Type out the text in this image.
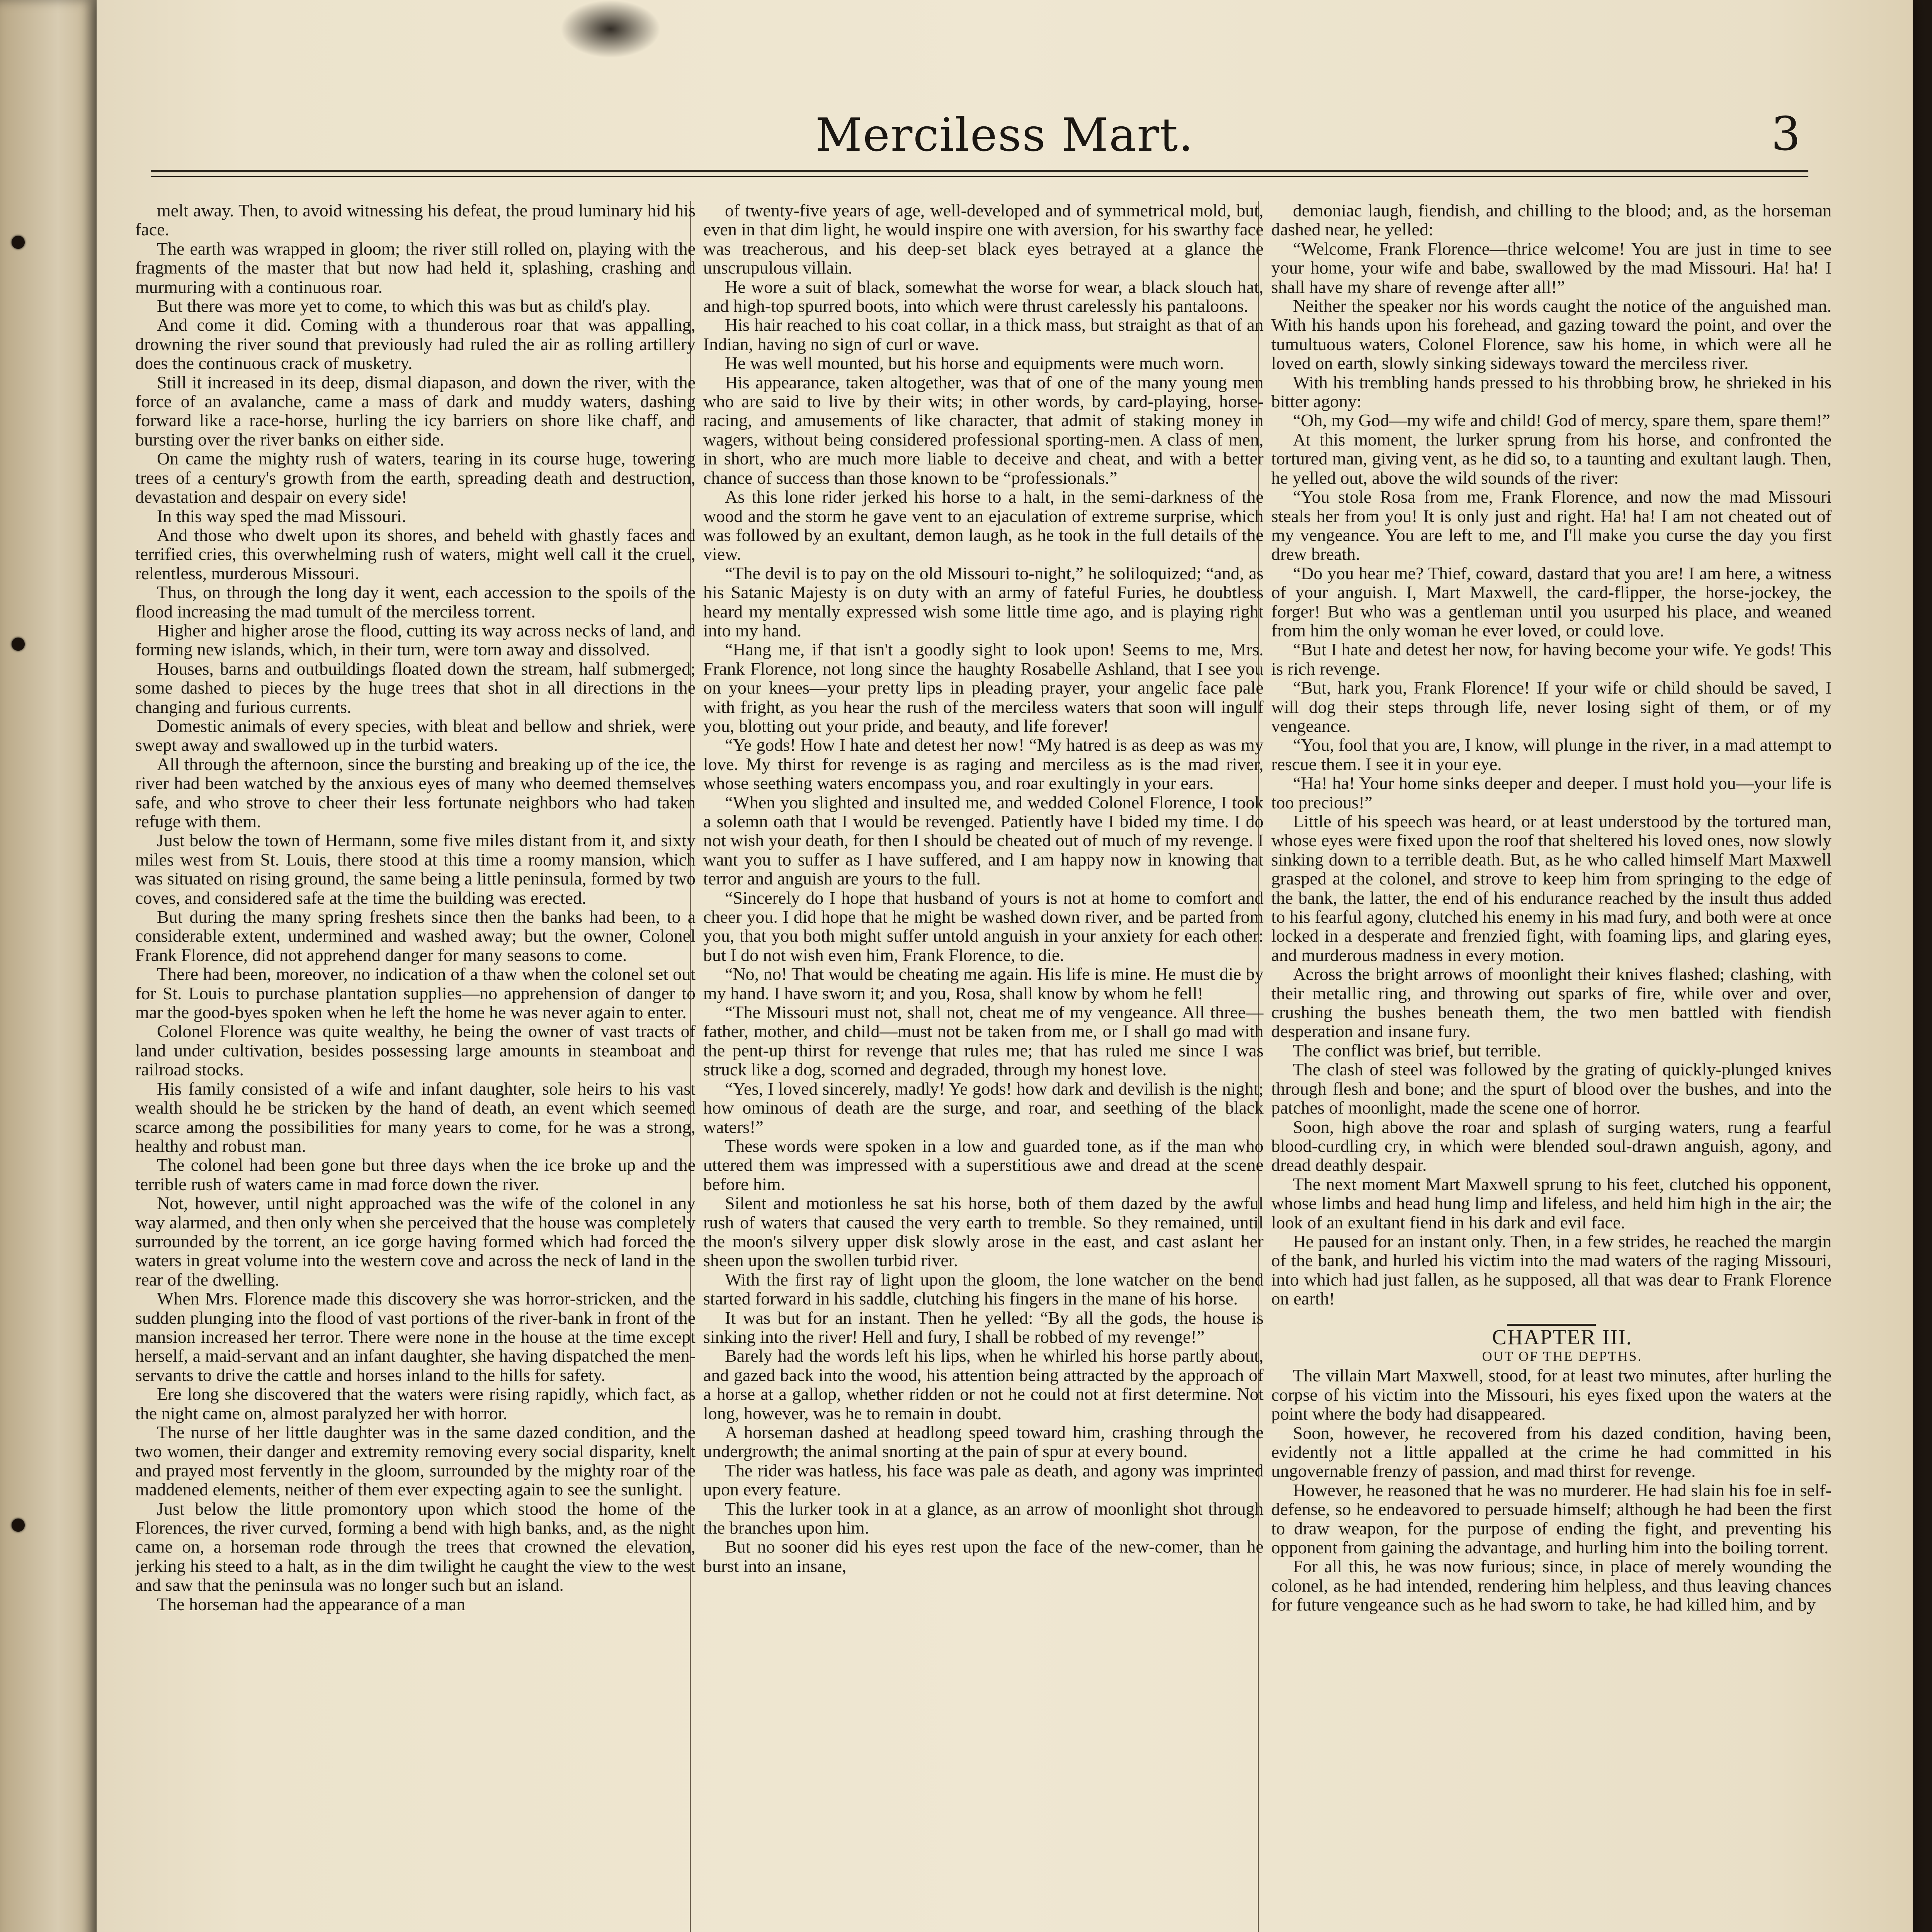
Merciless Mart.	3

melt away. Then, to avoid witnessing his defeat, the proud luminary hid his face.

The earth was wrapped in gloom; the river still rolled on, playing with the fragments of the master that but now had held it, splashing, crashing and murmuring with a continuous roar.

But there was more yet to come, to which this was but as child's play.

And come it did. Coming with a thunderous roar that was appalling, drowning the river sound that previously had ruled the air as rolling artillery does the continuous crack of musketry.

Still it increased in its deep, dismal diapason, and down the river, with the force of an avalanche, came a mass of dark and muddy waters, dashing forward like a race-horse, hurling the icy barriers on shore like chaff, and bursting over the river banks on either side.

On came the mighty rush of waters, tearing in its course huge, towering trees of a century's growth from the earth, spreading death and destruction, devastation and despair on every side!

In this way sped the mad Missouri.

And those who dwelt upon its shores, and beheld with ghastly faces and terrified cries, this overwhelming rush of waters, might well call it the cruel, relentless, murderous Missouri.

Thus, on through the long day it went, each accession to the spoils of the flood increasing the mad tumult of the merciless torrent.

Higher and higher arose the flood, cutting its way across necks of land, and forming new islands, which, in their turn, were torn away and dissolved.

Houses, barns and outbuildings floated down the stream, half submerged; some dashed to pieces by the huge trees that shot in all directions in the changing and furious currents.

Domestic animals of every species, with bleat and bellow and shriek, were swept away and swallowed up in the turbid waters.

All through the afternoon, since the bursting and breaking up of the ice, the river had been watched by the anxious eyes of many who deemed themselves safe, and who strove to cheer their less fortunate neighbors who had taken refuge with them.

Just below the town of Hermann, some five miles distant from it, and sixty miles west from St. Louis, there stood at this time a roomy mansion, which was situated on rising ground, the same being a little peninsula, formed by two coves, and considered safe at the time the building was erected.

But during the many spring freshets since then the banks had been, to a considerable extent, undermined and washed away; but the owner, Colonel Frank Florence, did not apprehend danger for many seasons to come.

There had been, moreover, no indication of a thaw when the colonel set out for St. Louis to purchase plantation supplies—no apprehension of danger to mar the good-byes spoken when he left the home he was never again to enter.

Colonel Florence was quite wealthy, he being the owner of vast tracts of land under cultivation, besides possessing large amounts in steamboat and railroad stocks.

His family consisted of a wife and infant daughter, sole heirs to his vast wealth should he be stricken by the hand of death, an event which seemed scarce among the possibilities for many years to come, for he was a strong, healthy and robust man.

The colonel had been gone but three days when the ice broke up and the terrible rush of waters came in mad force down the river.

Not, however, until night approached was the wife of the colonel in any way alarmed, and then only when she perceived that the house was completely surrounded by the torrent, an ice gorge having formed which had forced the waters in great volume into the western cove and across the neck of land in the rear of the dwelling.

When Mrs. Florence made this discovery she was horror-stricken, and the sudden plunging into the flood of vast portions of the river-bank in front of the mansion increased her terror. There were none in the house at the time except herself, a maid-servant and an infant daughter, she having dispatched the men-servants to drive the cattle and horses inland to the hills for safety.

Ere long she discovered that the waters were rising rapidly, which fact, as the night came on, almost paralyzed her with horror.

The nurse of her little daughter was in the same dazed condition, and the two women, their danger and extremity removing every social disparity, knelt and prayed most fervently in the gloom, surrounded by the mighty roar of the maddened elements, neither of them ever expecting again to see the sunlight.

Just below the little promontory upon which stood the home of the Florences, the river curved, forming a bend with high banks, and, as the night came on, a horseman rode through the trees that crowned the elevation, jerking his steed to a halt, as in the dim twilight he caught the view to the west and saw that the peninsula was no longer such but an island.

The horseman had the appearance of a man

of twenty-five years of age, well-developed and of symmetrical mold, but, even in that dim light, he would inspire one with aversion, for his swarthy face was treacherous, and his deep-set black eyes betrayed at a glance the unscrupulous villain.

He wore a suit of black, somewhat the worse for wear, a black slouch hat, and high-top spurred boots, into which were thrust carelessly his pantaloons.

His hair reached to his coat collar, in a thick mass, but straight as that of an Indian, having no sign of curl or wave.

He was well mounted, but his horse and equipments were much worn.

His appearance, taken altogether, was that of one of the many young men who are said to live by their wits; in other words, by card-playing, horse-racing, and amusements of like character, that admit of staking money in wagers, without being considered professional sporting-men. A class of men, in short, who are much more liable to deceive and cheat, and with a better chance of success than those known to be “professionals.”

As this lone rider jerked his horse to a halt, in the semi-darkness of the wood and the storm he gave vent to an ejaculation of extreme surprise, which was followed by an exultant, demon laugh, as he took in the full details of the view.

“The devil is to pay on the old Missouri to-night,” he soliloquized; “and, as his Satanic Majesty is on duty with an army of fateful Furies, he doubtless heard my mentally expressed wish some little time ago, and is playing right into my hand.

“Hang me, if that isn't a goodly sight to look upon! Seems to me, Mrs. Frank Florence, not long since the haughty Rosabelle Ashland, that I see you on your knees—your pretty lips in pleading prayer, your angelic face pale with fright, as you hear the rush of the merciless waters that soon will ingulf you, blotting out your pride, and beauty, and life forever!

“Ye gods! How I hate and detest her now! “My hatred is as deep as was my love. My thirst for revenge is as raging and merciless as is the mad river, whose seething waters encompass you, and roar exultingly in your ears.

“When you slighted and insulted me, and wedded Colonel Florence, I took a solemn oath that I would be revenged. Patiently have I bided my time. I do not wish your death, for then I should be cheated out of much of my revenge. I want you to suffer as I have suffered, and I am happy now in knowing that terror and anguish are yours to the full.

“Sincerely do I hope that husband of yours is not at home to comfort and cheer you. I did hope that he might be washed down river, and be parted from you, that you both might suffer untold anguish in your anxiety for each other: but I do not wish even him, Frank Florence, to die.

“No, no! That would be cheating me again. His life is mine. He must die by my hand. I have sworn it; and you, Rosa, shall know by whom he fell!

“The Missouri must not, shall not, cheat me of my vengeance. All three—father, mother, and child—must not be taken from me, or I shall go mad with the pent-up thirst for revenge that rules me; that has ruled me since I was struck like a dog, scorned and degraded, through my honest love.

“Yes, I loved sincerely, madly! Ye gods! how dark and devilish is the night; how ominous of death are the surge, and roar, and seething of the black waters!”

These words were spoken in a low and guarded tone, as if the man who uttered them was impressed with a superstitious awe and dread at the scene before him.

Silent and motionless he sat his horse, both of them dazed by the awful rush of waters that caused the very earth to tremble. So they remained, until the moon's silvery upper disk slowly arose in the east, and cast aslant her sheen upon the swollen turbid river.

With the first ray of light upon the gloom, the lone watcher on the bend started forward in his saddle, clutching his fingers in the mane of his horse.

It was but for an instant. Then he yelled: “By all the gods, the house is sinking into the river! Hell and fury, I shall be robbed of my revenge!”

Barely had the words left his lips, when he whirled his horse partly about, and gazed back into the wood, his attention being attracted by the approach of a horse at a gallop, whether ridden or not he could not at first determine. Not long, however, was he to remain in doubt.

A horseman dashed at headlong speed toward him, crashing through the undergrowth; the animal snorting at the pain of spur at every bound.

The rider was hatless, his face was pale as death, and agony was imprinted upon every feature.

This the lurker took in at a glance, as an arrow of moonlight shot through the branches upon him.

But no sooner did his eyes rest upon the face of the new-comer, than he burst into an insane,

demoniac laugh, fiendish, and chilling to the blood; and, as the horseman dashed near, he yelled:

“Welcome, Frank Florence—thrice welcome! You are just in time to see your home, your wife and babe, swallowed by the mad Missouri. Ha! ha! I shall have my share of revenge after all!”

Neither the speaker nor his words caught the notice of the anguished man. With his hands upon his forehead, and gazing toward the point, and over the tumultuous waters, Colonel Florence, saw his home, in which were all he loved on earth, slowly sinking sideways toward the merciless river.

With his trembling hands pressed to his throbbing brow, he shrieked in his bitter agony:

“Oh, my God—my wife and child! God of mercy, spare them, spare them!”

At this moment, the lurker sprung from his horse, and confronted the tortured man, giving vent, as he did so, to a taunting and exultant laugh. Then, he yelled out, above the wild sounds of the river:

“You stole Rosa from me, Frank Florence, and now the mad Missouri steals her from you! It is only just and right. Ha! ha! I am not cheated out of my vengeance. You are left to me, and I'll make you curse the day you first drew breath.

“Do you hear me? Thief, coward, dastard that you are! I am here, a witness of your anguish. I, Mart Maxwell, the card-flipper, the horse-jockey, the forger! But who was a gentleman until you usurped his place, and weaned from him the only woman he ever loved, or could love.

“But I hate and detest her now, for having become your wife. Ye gods! This is rich revenge.

“But, hark you, Frank Florence! If your wife or child should be saved, I will dog their steps through life, never losing sight of them, or of my vengeance.

“You, fool that you are, I know, will plunge in the river, in a mad attempt to rescue them. I see it in your eye.

“Ha! ha! Your home sinks deeper and deeper. I must hold you—your life is too precious!”

Little of his speech was heard, or at least understood by the tortured man, whose eyes were fixed upon the roof that sheltered his loved ones, now slowly sinking down to a terrible death. But, as he who called himself Mart Maxwell grasped at the colonel, and strove to keep him from springing to the edge of the bank, the latter, the end of his endurance reached by the insult thus added to his fearful agony, clutched his enemy in his mad fury, and both were at once locked in a desperate and frenzied fight, with foaming lips, and glaring eyes, and murderous madness in every motion.

Across the bright arrows of moonlight their knives flashed; clashing, with their metallic ring, and throwing out sparks of fire, while over and over, crushing the bushes beneath them, the two men battled with fiendish desperation and insane fury.

The conflict was brief, but terrible.

The clash of steel was followed by the grating of quickly-plunged knives through flesh and bone; and the spurt of blood over the bushes, and into the patches of moonlight, made the scene one of horror.

Soon, high above the roar and splash of surging waters, rung a fearful blood-curdling cry, in which were blended soul-drawn anguish, agony, and dread deathly despair.

The next moment Mart Maxwell sprung to his feet, clutched his opponent, whose limbs and head hung limp and lifeless, and held him high in the air; the look of an exultant fiend in his dark and evil face.

He paused for an instant only. Then, in a few strides, he reached the margin of the bank, and hurled his victim into the mad waters of the raging Missouri, into which had just fallen, as he supposed, all that was dear to Frank Florence on earth!

CHAPTER III.

OUT OF THE DEPTHS.

The villain Mart Maxwell, stood, for at least two minutes, after hurling the corpse of his victim into the Missouri, his eyes fixed upon the waters at the point where the body had disappeared.

Soon, however, he recovered from his dazed condition, having been, evidently not a little appalled at the crime he had committed in his ungovernable frenzy of passion, and mad thirst for revenge.

However, he reasoned that he was no murderer. He had slain his foe in self-defense, so he endeavored to persuade himself; although he had been the first to draw weapon, for the purpose of ending the fight, and preventing his opponent from gaining the advantage, and hurling him into the boiling torrent.

For all this, he was now furious; since, in place of merely wounding the colonel, as he had intended, rendering him helpless, and thus leaving chances for future vengeance such as he had sworn to take, he had killed him, and by
